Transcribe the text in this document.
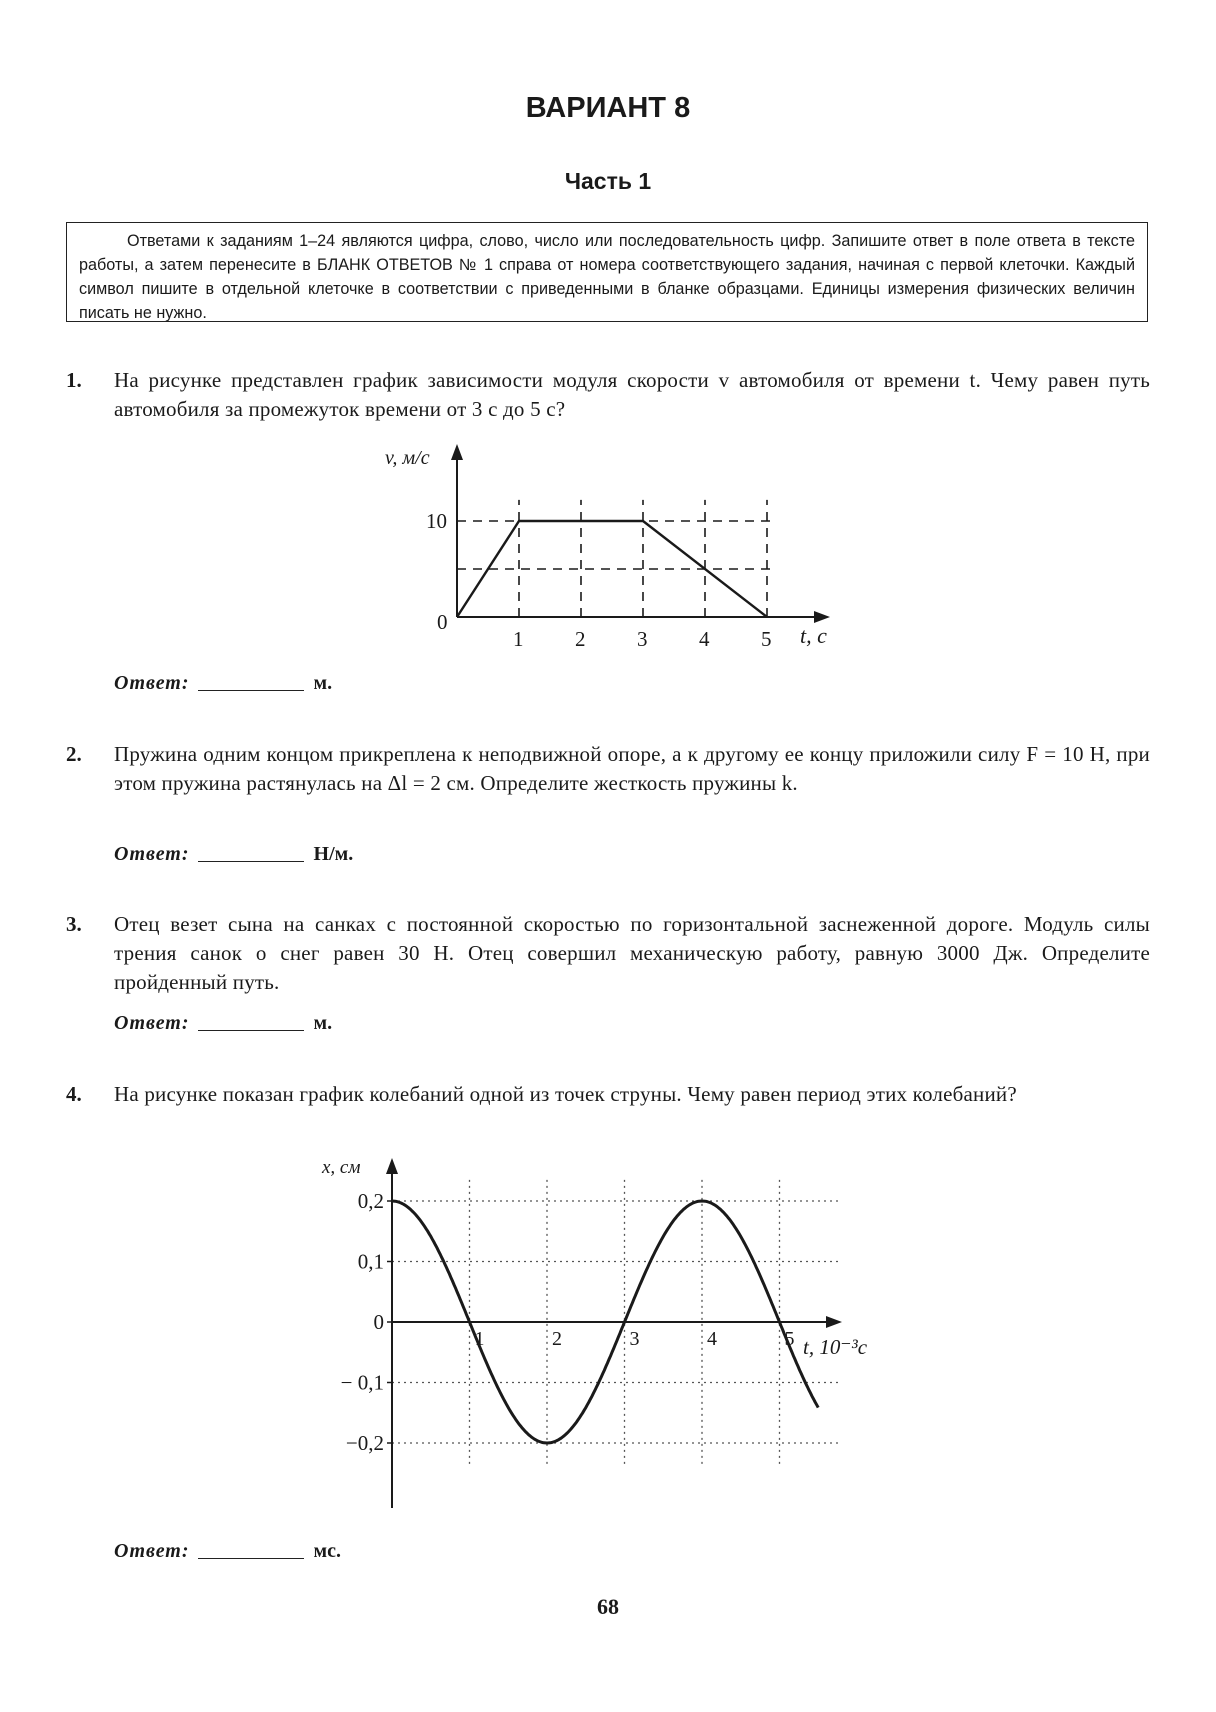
ВАРИАНТ 8
Часть 1
Ответами к заданиям 1–24 являются цифра, слово, число или последовательность цифр. Запишите ответ в поле ответа в тексте работы, а затем перенесите в БЛАНК ОТВЕТОВ № 1 справа от номера соответствующего задания, начиная с первой клеточки. Каждый символ пишите в отдельной клеточке в соответствии с приведенными в бланке образцами. Единицы измерения физических величин писать не нужно.
1. На рисунке представлен график зависимости модуля скорости v автомобиля от времени t. Чему равен путь автомобиля за промежуток времени от 3 с до 5 с?
1 2 3 4 5
0
10
v, м/с
t, с
Ответ:	м.
2. Пружина одним концом прикреплена к неподвижной опоре, а к другому ее концу приложили силу F = 10 Н, при этом пружина растянулась на Δl = 2 см. Определите жесткость пружины k.
Ответ:	Н/м.
3. Отец везет сына на санках с постоянной скоростью по горизонтальной заснеженной дороге. Модуль силы трения санок о снег равен 30 Н. Отец совершил механическую работу, равную 3000 Дж. Определите пройденный путь.
Ответ:	м.
4. На рисунке показан график колебаний одной из точек струны. Чему равен период этих колебаний?
1	2	3	4	5
0,2
0,1
0
− 0,1
−0,2
x, см
t, 10⁻³с
Ответ:	мс.
68
